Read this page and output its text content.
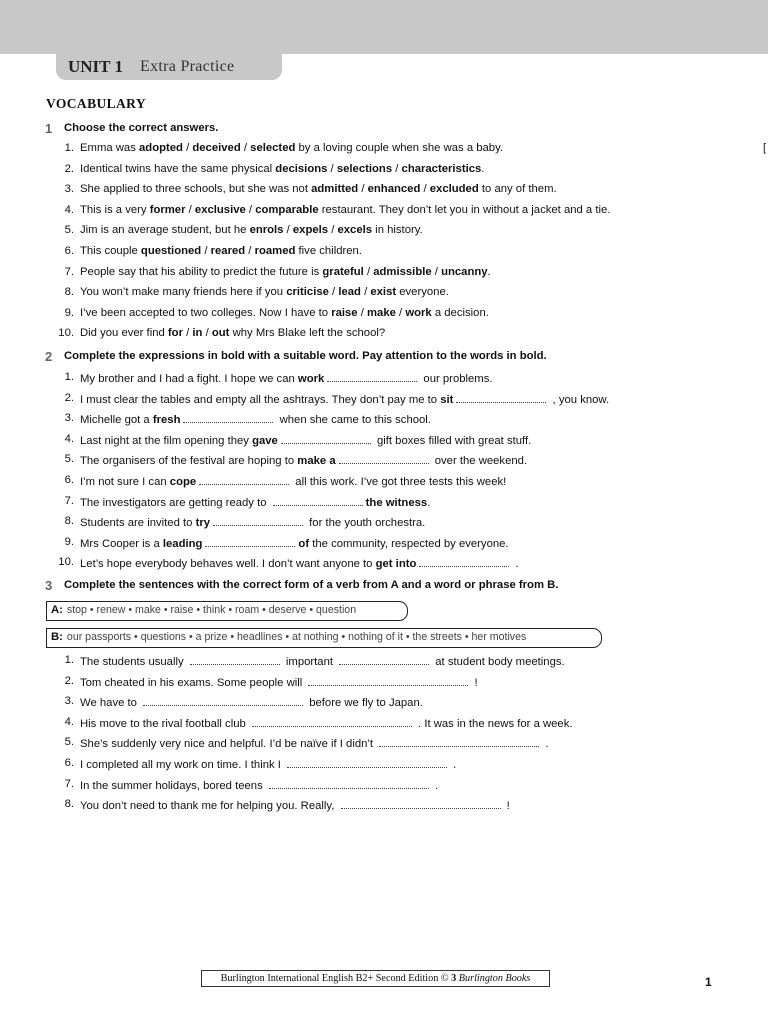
UNIT 1 Extra Practice
[
VOCABULARY
1 Choose the correct answers.
1. Emma was adopted / deceived / selected by a loving couple when she was a baby.
2. Identical twins have the same physical decisions / selections / characteristics.
3. She applied to three schools, but she was not admitted / enhanced / excluded to any of them.
4. This is a very former / exclusive / comparable restaurant. They don’t let you in without a jacket and a tie.
5. Jim is an average student, but he enrols / expels / excels in history.
6. This couple questioned / reared / roamed five children.
7. People say that his ability to predict the future is grateful / admissible / uncanny.
8. You won’t make many friends here if you criticise / lead / exist everyone.
9. I’ve been accepted to two colleges. Now I have to raise / make / work a decision.
10. Did you ever find for / in / out why Mrs Blake left the school?
2 Complete the expressions in bold with a suitable word. Pay attention to the words in bold.
1. My brother and I had a fight. I hope we can work	our problems.
2. I must clear the tables and empty all the ashtrays. They don’t pay me to sit	, you know.
3. Michelle got a fresh	when she came to this school.
4. Last night at the film opening they gave	gift boxes filled with great stuff.
5. The organisers of the festival are hoping to make a	over the weekend.
6. I’m not sure I can cope	all this work. I’ve got three tests this week!
7. The investigators are getting ready to	the witness.
8. Students are invited to try	for the youth orchestra.
9. Mrs Cooper is a leading	of the community, respected by everyone.
10. Let’s hope everybody behaves well. I don’t want anyone to get into	.
3 Complete the sentences with the correct form of a verb from A and a word or phrase from B.
A: stop • renew • make • raise • think • roam • deserve • question
B: our passports • questions • a prize • headlines • at nothing • nothing of it • the streets • her motives
1. The students usually	important	at student body meetings.
2. Tom cheated in his exams. Some people will	!
3. We have to	before we fly to Japan.
4. His move to the rival football club	. It was in the news for a week.
5. She’s suddenly very nice and helpful. I’d be naïve if I didn’t	.
6. I completed all my work on time. I think I	.
7. In the summer holidays, bored teens	.
8. You don’t need to thank me for helping you. Really,	!
Burlington International English B2+ Second Edition © 3 Burlington Books	1
